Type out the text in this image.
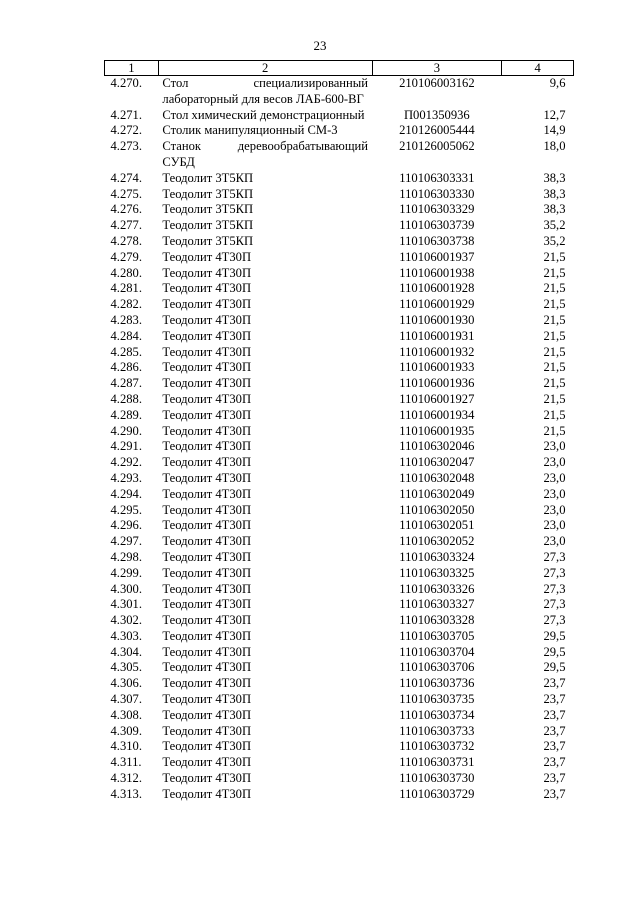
23
1	2	3	4
4.270.	Стол специализированный лабораторный для весов ЛАБ-600-ВГ	210106003162	9,6
4.271.	Стол химический демонстрационный	П001350936	12,7
4.272.	Столик манипуляционный СМ-3	210126005444	14,9
4.273.	Станок деревообрабатывающий СУБД	210126005062	18,0
4.274.	Теодолит 3Т5КП	110106303331	38,3
4.275.	Теодолит 3Т5КП	110106303330	38,3
4.276.	Теодолит 3Т5КП	110106303329	38,3
4.277.	Теодолит 3Т5КП	110106303739	35,2
4.278.	Теодолит 3Т5КП	110106303738	35,2
4.279.	Теодолит 4Т30П	110106001937	21,5
4.280.	Теодолит 4Т30П	110106001938	21,5
4.281.	Теодолит 4Т30П	110106001928	21,5
4.282.	Теодолит 4Т30П	110106001929	21,5
4.283.	Теодолит 4Т30П	110106001930	21,5
4.284.	Теодолит 4Т30П	110106001931	21,5
4.285.	Теодолит 4Т30П	110106001932	21,5
4.286.	Теодолит 4Т30П	110106001933	21,5
4.287.	Теодолит 4Т30П	110106001936	21,5
4.288.	Теодолит 4Т30П	110106001927	21,5
4.289.	Теодолит 4Т30П	110106001934	21,5
4.290.	Теодолит 4Т30П	110106001935	21,5
4.291.	Теодолит 4Т30П	110106302046	23,0
4.292.	Теодолит 4Т30П	110106302047	23,0
4.293.	Теодолит 4Т30П	110106302048	23,0
4.294.	Теодолит 4Т30П	110106302049	23,0
4.295.	Теодолит 4Т30П	110106302050	23,0
4.296.	Теодолит 4Т30П	110106302051	23,0
4.297.	Теодолит 4Т30П	110106302052	23,0
4.298.	Теодолит 4Т30П	110106303324	27,3
4.299.	Теодолит 4Т30П	110106303325	27,3
4.300.	Теодолит 4Т30П	110106303326	27,3
4.301.	Теодолит 4Т30П	110106303327	27,3
4.302.	Теодолит 4Т30П	110106303328	27,3
4.303.	Теодолит 4Т30П	110106303705	29,5
4.304.	Теодолит 4Т30П	110106303704	29,5
4.305.	Теодолит 4Т30П	110106303706	29,5
4.306.	Теодолит 4Т30П	110106303736	23,7
4.307.	Теодолит 4Т30П	110106303735	23,7
4.308.	Теодолит 4Т30П	110106303734	23,7
4.309.	Теодолит 4Т30П	110106303733	23,7
4.310.	Теодолит 4Т30П	110106303732	23,7
4.311.	Теодолит 4Т30П	110106303731	23,7
4.312.	Теодолит 4Т30П	110106303730	23,7
4.313.	Теодолит 4Т30П	110106303729	23,7
